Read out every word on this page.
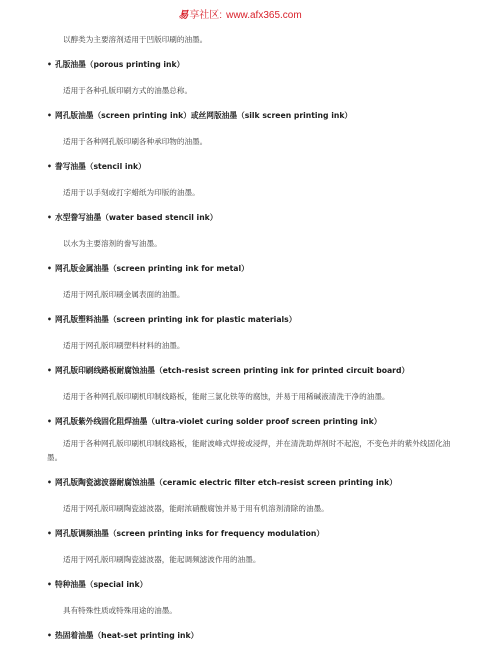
易享社区: www.afx365.com
以醇类为主要溶剂适用于凹版印刷的油墨。
• 孔版油墨（porous printing ink）
适用于各种孔版印刷方式的油墨总称。
• 网孔版油墨（screen printing ink）或丝网版油墨（silk screen printing ink）
适用于各种网孔版印刷各种承印物的油墨。
• 誊写油墨（stencil ink）
适用于以手刻或打字蜡纸为印版的油墨。
• 水型誊写油墨（water based stencil ink）
以水为主要溶剂的誊写油墨。
• 网孔版金属油墨（screen printing ink for metal）
适用于网孔版印刷金属表面的油墨。
• 网孔版塑料油墨（screen printing ink for plastic materials）
适用于网孔版印刷塑料材料的油墨。
• 网孔版印刷线路板耐腐蚀油墨（etch-resist screen printing ink for printed circuit board）
适用于各种网孔版印刷机印制线路板，能耐三氯化铁等的腐蚀，并易于用稀碱液清洗干净的油墨。
• 网孔版紫外线固化阻焊油墨（ultra-violet curing solder proof screen printing ink）
适用于各种网孔版印刷机印制线路板，能耐波峰式焊接或浸焊，并在清洗助焊剂时不起泡，不变色并的紫外线固化油墨。
• 网孔版陶瓷滤波器耐腐蚀油墨（ceramic electric filter etch-resist screen printing ink）
适用于网孔版印刷陶瓷滤波器，能耐浓硝酸腐蚀并易于用有机溶剂清除的油墨。
• 网孔版调频油墨（screen printing inks for frequency modulation）
适用于网孔版印刷陶瓷滤波器，能起调频滤波作用的油墨。
• 特种油墨（special ink）
具有特殊性质或特殊用途的油墨。
• 热固着油墨（heat-set printing ink）
